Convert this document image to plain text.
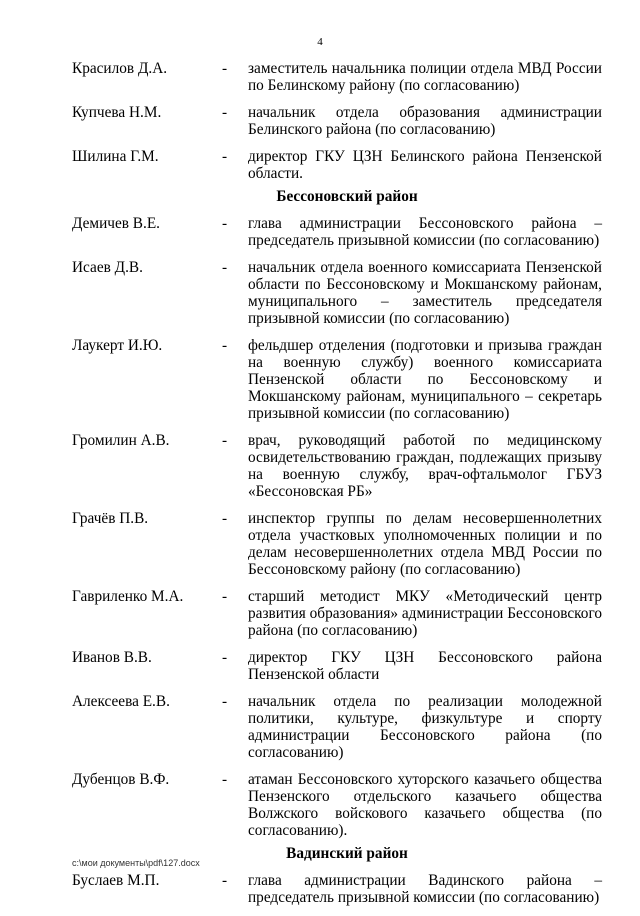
4
Красилов Д.А.	-	заместитель начальника полиции отдела МВД России по Белинскому району (по согласованию)
Купчева Н.М.	-	начальник отдела образования администрации Белинского района (по согласованию)
Шилина Г.М.	-	директор ГКУ ЦЗН Белинского района Пензенской области.
Бессоновский район
Демичев В.Е.	-	глава администрации Бессоновского района – председатель призывной комиссии (по согласованию)
Исаев Д.В.	-	начальник отдела военного комиссариата Пензенской области по Бессоновскому и Мокшанскому районам, муниципального – заместитель председателя призывной комиссии (по согласованию)
Лаукерт И.Ю.	-	фельдшер отделения (подготовки и призыва граждан на военную службу) военного комиссариата Пензенской области по Бессоновскому и Мокшанскому районам, муниципального – секретарь призывной комиссии (по согласованию)
Громилин А.В.	-	врач, руководящий работой по медицинскому освидетельствованию граждан, подлежащих призыву на военную службу, врач-офтальмолог ГБУЗ «Бессоновская РБ»
Грачёв П.В.	-	инспектор группы по делам несовершеннолетних отдела участковых уполномоченных полиции и по делам несовершеннолетних отдела МВД России по Бессоновскому району (по согласованию)
Гавриленко М.А.	-	старший методист МКУ «Методический центр развития образования» администрации Бессоновского района (по согласованию)
Иванов В.В.	-	директор ГКУ ЦЗН Бессоновского района Пензенской области
Алексеева Е.В.	-	начальник отдела по реализации молодежной политики, культуре, физкультуре и спорту администрации Бессоновского района (по согласованию)
Дубенцов В.Ф.	-	атаман Бессоновского хуторского казачьего общества Пензенского отдельского казачьего общества Волжского войскового казачьего общества (по согласованию).
Вадинский район
Буслаев М.П.	-	глава администрации Вадинского района – председатель призывной комиссии (по согласованию)
c:\мои документы\pdf\127.docx
